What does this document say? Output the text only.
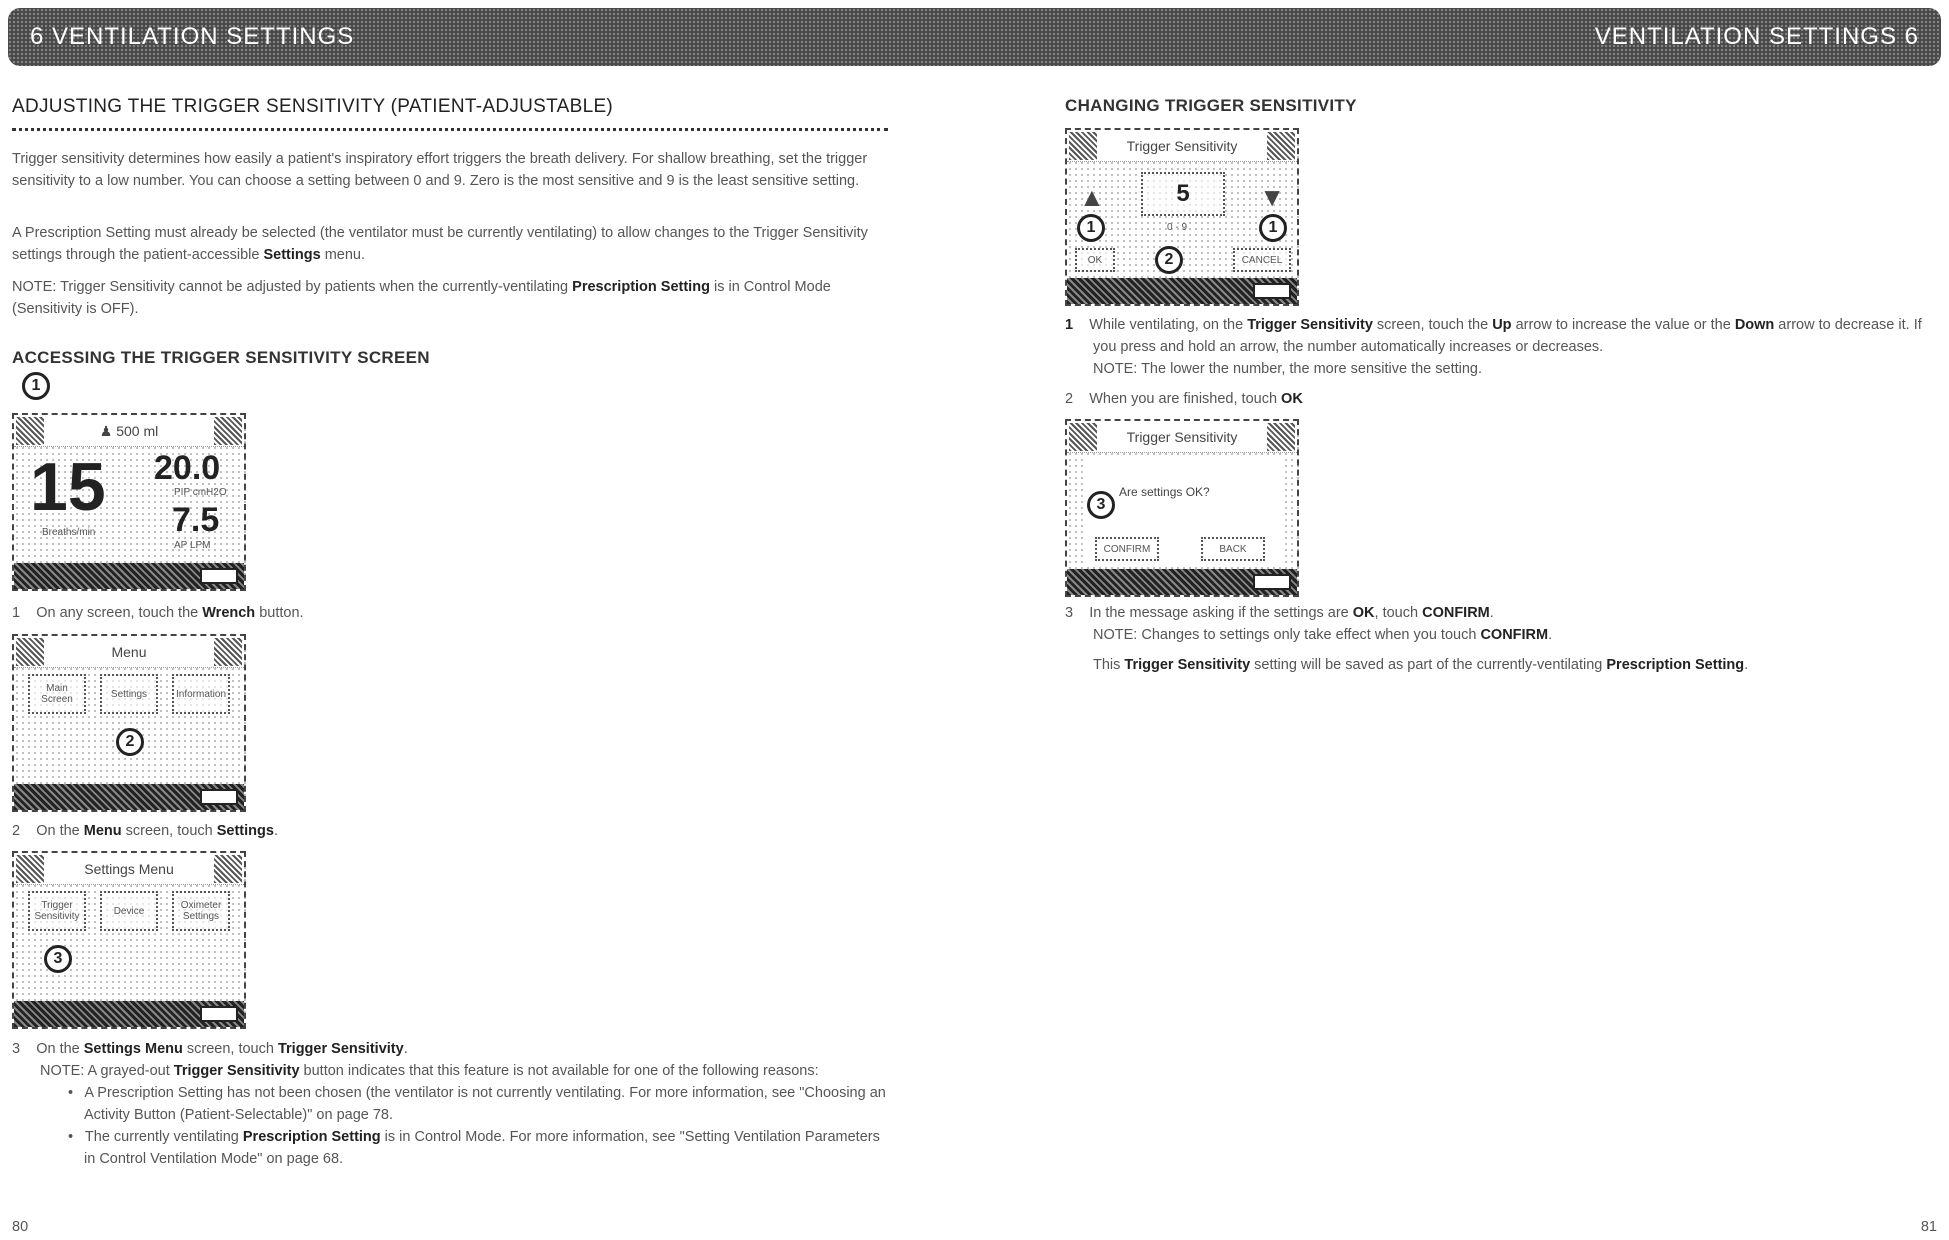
6 VENTILATION SETTINGS	VENTILATION SETTINGS 6
ADJUSTING THE TRIGGER SENSITIVITY (PATIENT-ADJUSTABLE)

Trigger sensitivity determines how easily a patient's inspiratory effort triggers the breath delivery. For shallow breathing, set the trigger sensitivity to a low number. You can choose a setting between 0 and 9. Zero is the most sensitive and 9 is the least sensitive setting.

A Prescription Setting must already be selected (the ventilator must be currently ventilating) to allow changes to the Trigger Sensitivity settings through the patient-accessible Settings menu.

NOTE: Trigger Sensitivity cannot be adjusted by patients when the currently-ventilating Prescription Setting is in Control Mode (Sensitivity is OFF).

ACCESSING THE TRIGGER SENSITIVITY SCREEN
1
♟ 500 ml
15
Breaths/min
20.0
PIP cmH2O
7.5
AP LPM

1 On any screen, touch the Wrench button.

Menu
Main Screen	Settings	Information
2

2 On the Menu screen, touch Settings.

Settings Menu
Trigger Sensitivity	Device	Oximeter Settings
3

3 On the Settings Menu screen, touch Trigger Sensitivity.

NOTE: A grayed-out Trigger Sensitivity button indicates that this feature is not available for one of the following reasons:

•   A Prescription Setting has not been chosen (the ventilator is not currently ventilating. For more information, see "Choosing an Activity Button (Patient-Selectable)" on page 78.
•   The currently ventilating Prescription Setting is in Control Mode. For more information, see "Setting Ventilation Parameters in Control Ventilation Mode" on page 68.
80
CHANGING TRIGGER SENSITIVITY
Trigger Sensitivity
▲	▼
5
0 - 9
1	1
OK	2	CANCEL

1 While ventilating, on the Trigger Sensitivity screen, touch the Up arrow to increase the value or the Down arrow to decrease it. If you press and hold an arrow, the number automatically increases or decreases.

NOTE: The lower the number, the more sensitive the setting.

2 When you are finished, touch OK

Trigger Sensitivity
Are settings OK?
3
CONFIRM	BACK

3 In the message asking if the settings are OK, touch CONFIRM.

NOTE: Changes to settings only take effect when you touch CONFIRM.

This Trigger Sensitivity setting will be saved as part of the currently-ventilating Prescription Setting.

81
